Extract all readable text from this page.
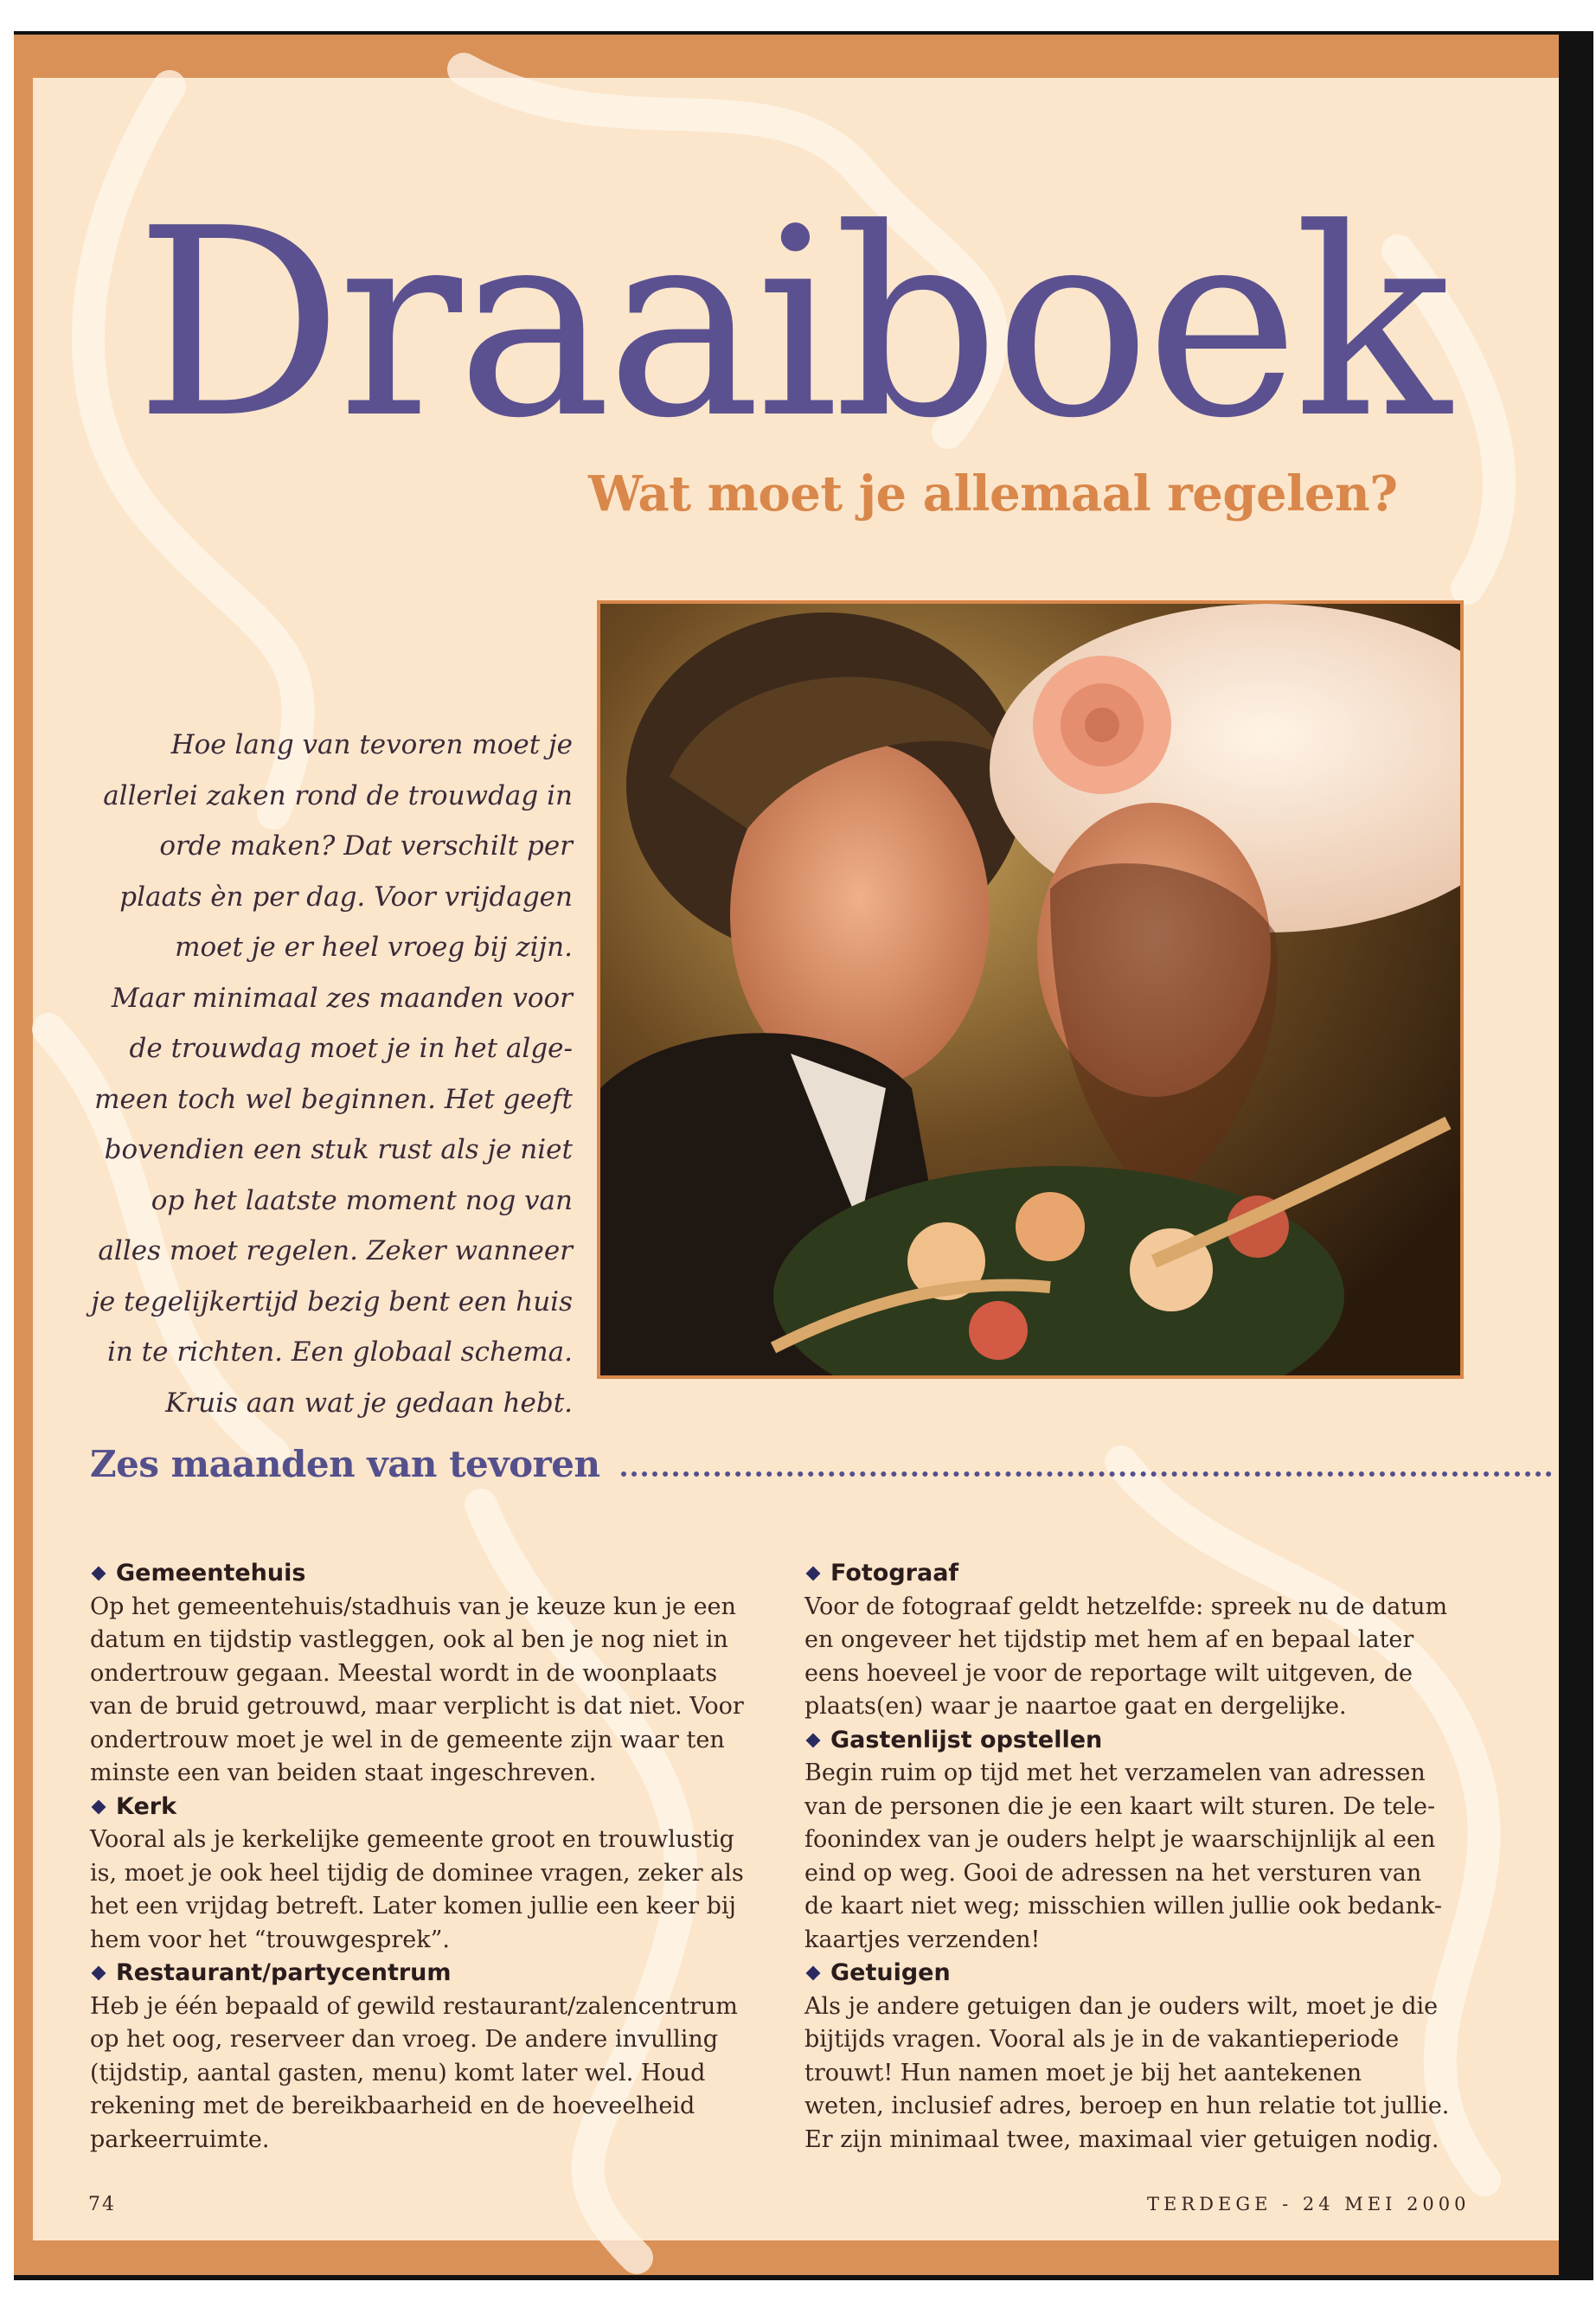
Draaiboek
Wat moet je allemaal regelen?
Hoe lang van tevoren moet je
allerlei zaken rond de trouwdag in
orde maken? Dat verschilt per
plaats èn per dag. Voor vrijdagen
moet je er heel vroeg bij zijn.
Maar minimaal zes maanden voor
de trouwdag moet je in het alge-
meen toch wel beginnen. Het geeft
bovendien een stuk rust als je niet
op het laatste moment nog van
alles moet regelen. Zeker wanneer
je tegelijkertijd bezig bent een huis
in te richten. Een globaal schema.
Kruis aan wat je gedaan hebt.
Zes maanden van tevoren
Gemeentehuis
Op het gemeentehuis/stadhuis van je keuze kun je een
datum en tijdstip vastleggen, ook al ben je nog niet in
ondertrouw gegaan. Meestal wordt in de woonplaats
van de bruid getrouwd, maar verplicht is dat niet. Voor
ondertrouw moet je wel in de gemeente zijn waar ten
minste een van beiden staat ingeschreven.
Kerk
Vooral als je kerkelijke gemeente groot en trouwlustig
is, moet je ook heel tijdig de dominee vragen, zeker als
het een vrijdag betreft. Later komen jullie een keer bij
hem voor het “trouwgesprek”.
Restaurant/partycentrum
Heb je één bepaald of gewild restaurant/zalencentrum
op het oog, reserveer dan vroeg. De andere invulling
(tijdstip, aantal gasten, menu) komt later wel. Houd
rekening met de bereikbaarheid en de hoeveelheid
parkeerruimte.
Fotograaf
Voor de fotograaf geldt hetzelfde: spreek nu de datum
en ongeveer het tijdstip met hem af en bepaal later
eens hoeveel je voor de reportage wilt uitgeven, de
plaats(en) waar je naartoe gaat en dergelijke.
Gastenlijst opstellen
Begin ruim op tijd met het verzamelen van adressen
van de personen die je een kaart wilt sturen. De tele-
foonindex van je ouders helpt je waarschijnlijk al een
eind op weg. Gooi de adressen na het versturen van
de kaart niet weg; misschien willen jullie ook bedank-
kaartjes verzenden!
Getuigen
Als je andere getuigen dan je ouders wilt, moet je die
bijtijds vragen. Vooral als je in de vakantieperiode
trouwt! Hun namen moet je bij het aantekenen
weten, inclusief adres, beroep en hun relatie tot jullie.
Er zijn minimaal twee, maximaal vier getuigen nodig.
74	TERDEGE - 24 MEI 2000
